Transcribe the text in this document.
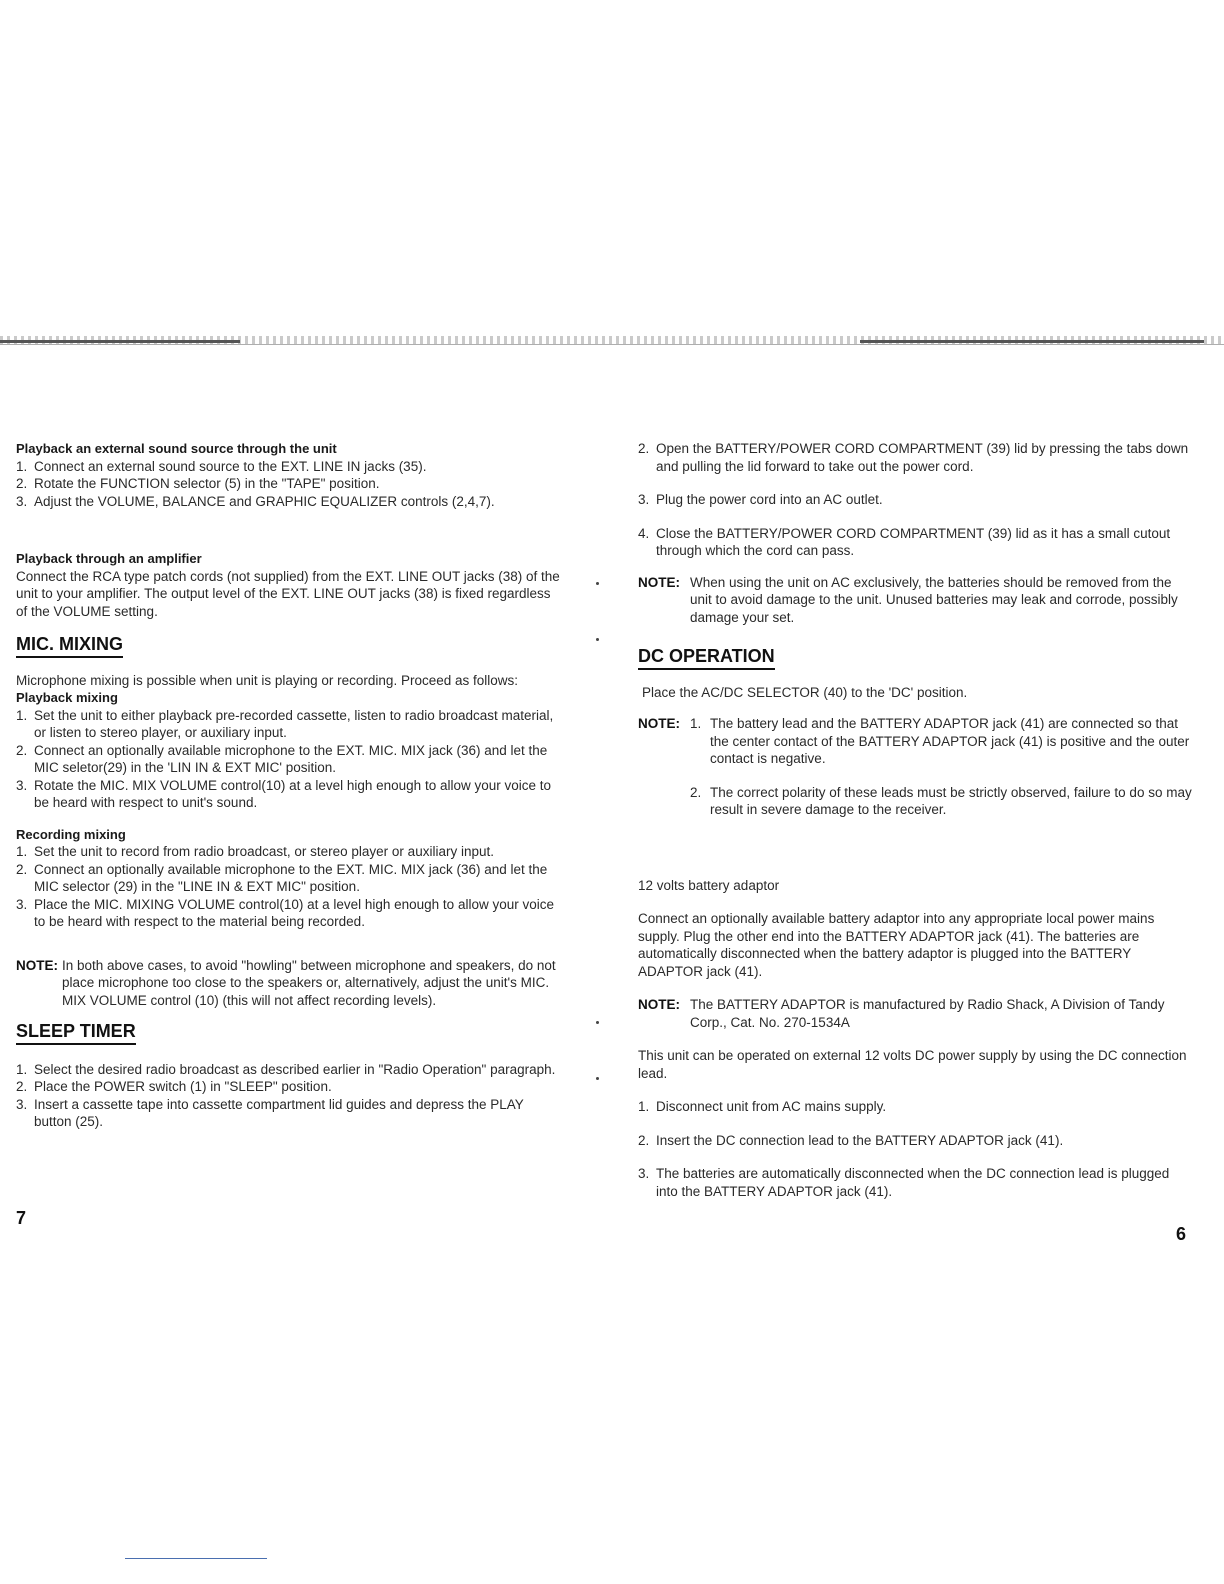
Playback an external sound source through the unit

1. Connect an external sound source to the EXT. LINE IN jacks (35).
2. Rotate the FUNCTION selector (5) in the "TAPE" position.
3. Adjust the VOLUME, BALANCE and GRAPHIC EQUALIZER controls (2,4,7).

Playback through an amplifier

Connect the RCA type patch cords (not supplied) from the EXT. LINE OUT jacks (38) of the unit to your amplifier. The output level of the EXT. LINE OUT jacks (38) is fixed regardless of the VOLUME setting.

MIC. MIXING

Microphone mixing is possible when unit is playing or recording. Proceed as follows:

Playback mixing

1. Set the unit to either playback pre-recorded cassette, listen to radio broadcast material, or listen to stereo player, or auxiliary input.
2. Connect an optionally available microphone to the EXT. MIC. MIX jack (36) and let the MIC seletor(29) in the 'LIN IN & EXT MIC' position.
3. Rotate the MIC. MIX VOLUME control(10) at a level high enough to allow your voice to be heard with respect to unit's sound.

Recording mixing

1. Set the unit to record from radio broadcast, or stereo player or auxiliary input.
2. Connect an optionally available microphone to the EXT. MIC. MIX jack (36) and let the MIC selector (29) in the "LINE IN & EXT MIC" position.
3. Place the MIC. MIXING VOLUME control(10) at a level high enough to allow your voice to be heard with respect to the material being recorded.
NOTE: In both above cases, to avoid "howling" between microphone and speakers, do not place microphone too close to the speakers or, alternatively, adjust the unit's MIC. MIX VOLUME control (10) (this will not affect recording levels).
SLEEP TIMER
1. Select the desired radio broadcast as described earlier in "Radio Operation" paragraph.
2. Place the POWER switch (1) in "SLEEP" position.
3. Insert a cassette tape into cassette compartment lid guides and depress the PLAY button (25).
7
2. Open the BATTERY/POWER CORD COMPARTMENT (39) lid by pressing the tabs down and pulling the lid forward to take out the power cord.
3. Plug the power cord into an AC outlet.
4. Close the BATTERY/POWER CORD COMPARTMENT (39) lid as it has a small cutout through which the cord can pass.
NOTE: When using the unit on AC exclusively, the batteries should be removed from the unit to avoid damage to the unit. Unused batteries may leak and corrode, possibly damage your set.
DC OPERATION

Place the AC/DC SELECTOR (40) to the 'DC' position.

NOTE: 1. The battery lead and the BATTERY ADAPTOR jack (41) are connected so that the center contact of the BATTERY ADAPTOR jack (41) is positive and the outer contact is negative.
2. The correct polarity of these leads must be strictly observed, failure to do so may result in severe damage to the receiver.

12 volts battery adaptor

Connect an optionally available battery adaptor into any appropriate local power mains supply. Plug the other end into the BATTERY ADAPTOR jack (41). The batteries are automatically disconnected when the battery adaptor is plugged into the BATTERY ADAPTOR jack (41).

NOTE: The BATTERY ADAPTOR is manufactured by Radio Shack, A Division of Tandy Corp., Cat. No. 270-1534A

This unit can be operated on external 12 volts DC power supply by using the DC connection lead.

1. Disconnect unit from AC mains supply.
2. Insert the DC connection lead to the BATTERY ADAPTOR jack (41).
3. The batteries are automatically disconnected when the DC connection lead is plugged into the BATTERY ADAPTOR jack (41).
6
